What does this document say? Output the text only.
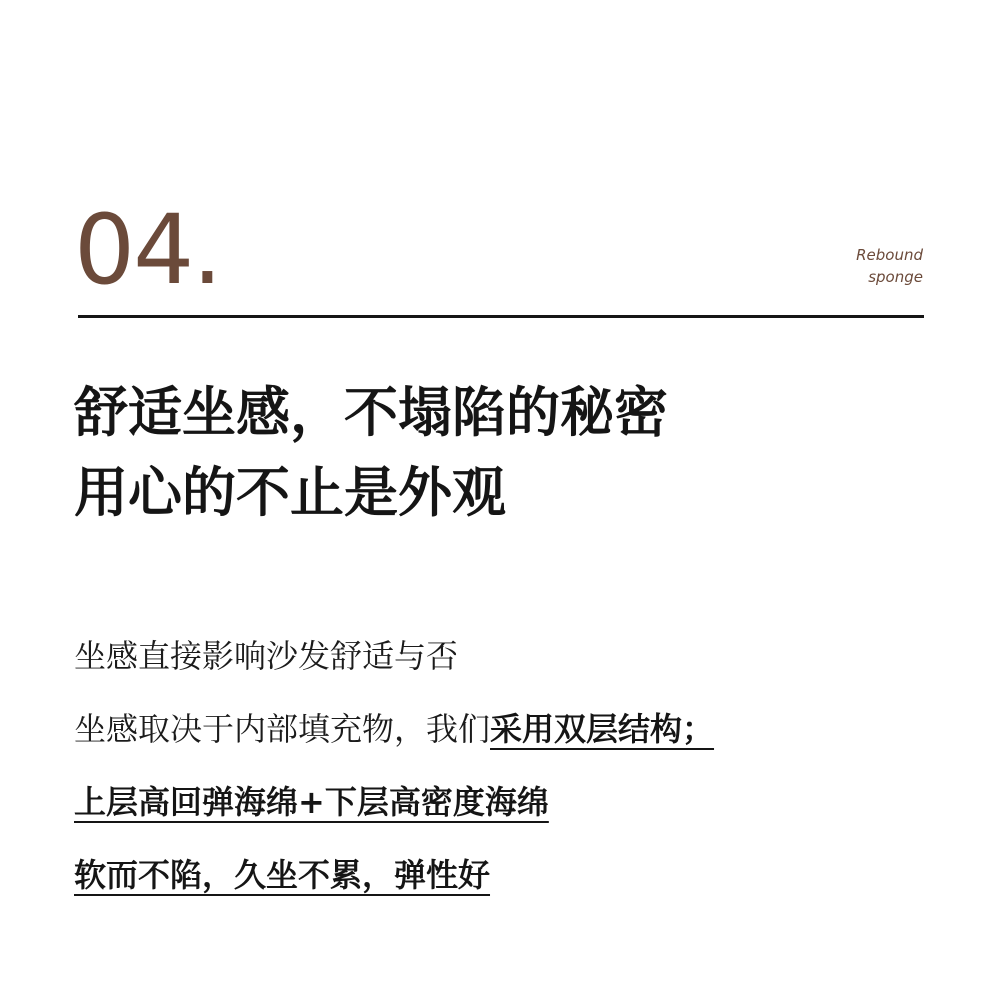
04.	Rebound
sponge
舒适坐感，不塌陷的秘密
用心的不止是外观
坐感直接影响沙发舒适与否
坐感取决于内部填充物，我们采用双层结构；
上层高回弹海绵+下层高密度海绵
软而不陷，久坐不累，弹性好
